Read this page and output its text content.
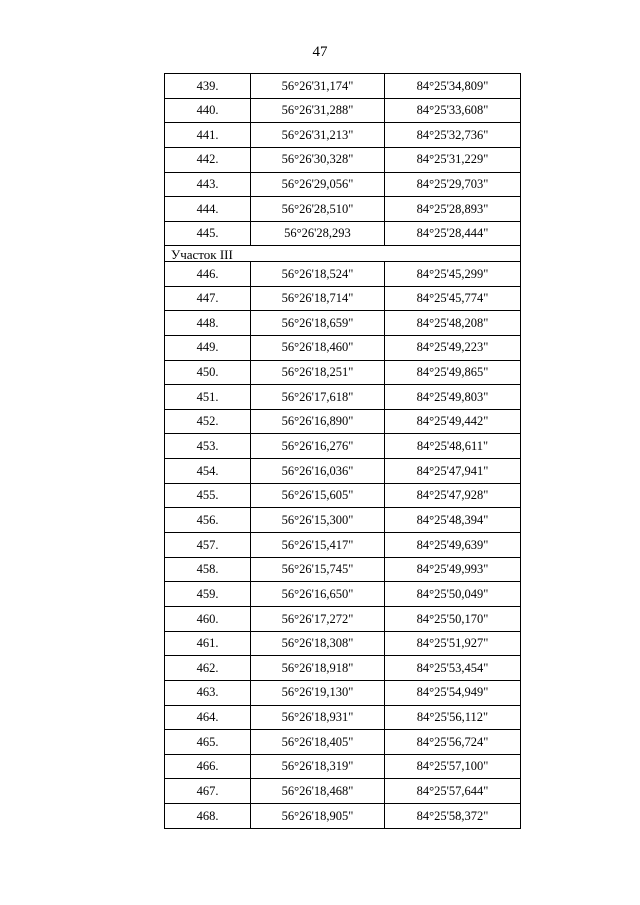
47
439.	56°26'31,174"	84°25'34,809"
440.	56°26'31,288"	84°25'33,608"
441.	56°26'31,213"	84°25'32,736"
442.	56°26'30,328"	84°25'31,229"
443.	56°26'29,056"	84°25'29,703"
444.	56°26'28,510"	84°25'28,893"
445.	56°26'28,293	84°25'28,444"
Участок III		
446.	56°26'18,524"	84°25'45,299"
447.	56°26'18,714"	84°25'45,774"
448.	56°26'18,659"	84°25'48,208"
449.	56°26'18,460"	84°25'49,223"
450.	56°26'18,251"	84°25'49,865"
451.	56°26'17,618"	84°25'49,803"
452.	56°26'16,890"	84°25'49,442"
453.	56°26'16,276"	84°25'48,611"
454.	56°26'16,036"	84°25'47,941"
455.	56°26'15,605"	84°25'47,928"
456.	56°26'15,300"	84°25'48,394"
457.	56°26'15,417"	84°25'49,639"
458.	56°26'15,745"	84°25'49,993"
459.	56°26'16,650"	84°25'50,049"
460.	56°26'17,272"	84°25'50,170"
461.	56°26'18,308"	84°25'51,927"
462.	56°26'18,918"	84°25'53,454"
463.	56°26'19,130"	84°25'54,949"
464.	56°26'18,931"	84°25'56,112"
465.	56°26'18,405"	84°25'56,724"
466.	56°26'18,319"	84°25'57,100"
467.	56°26'18,468"	84°25'57,644"
468.	56°26'18,905"	84°25'58,372"
